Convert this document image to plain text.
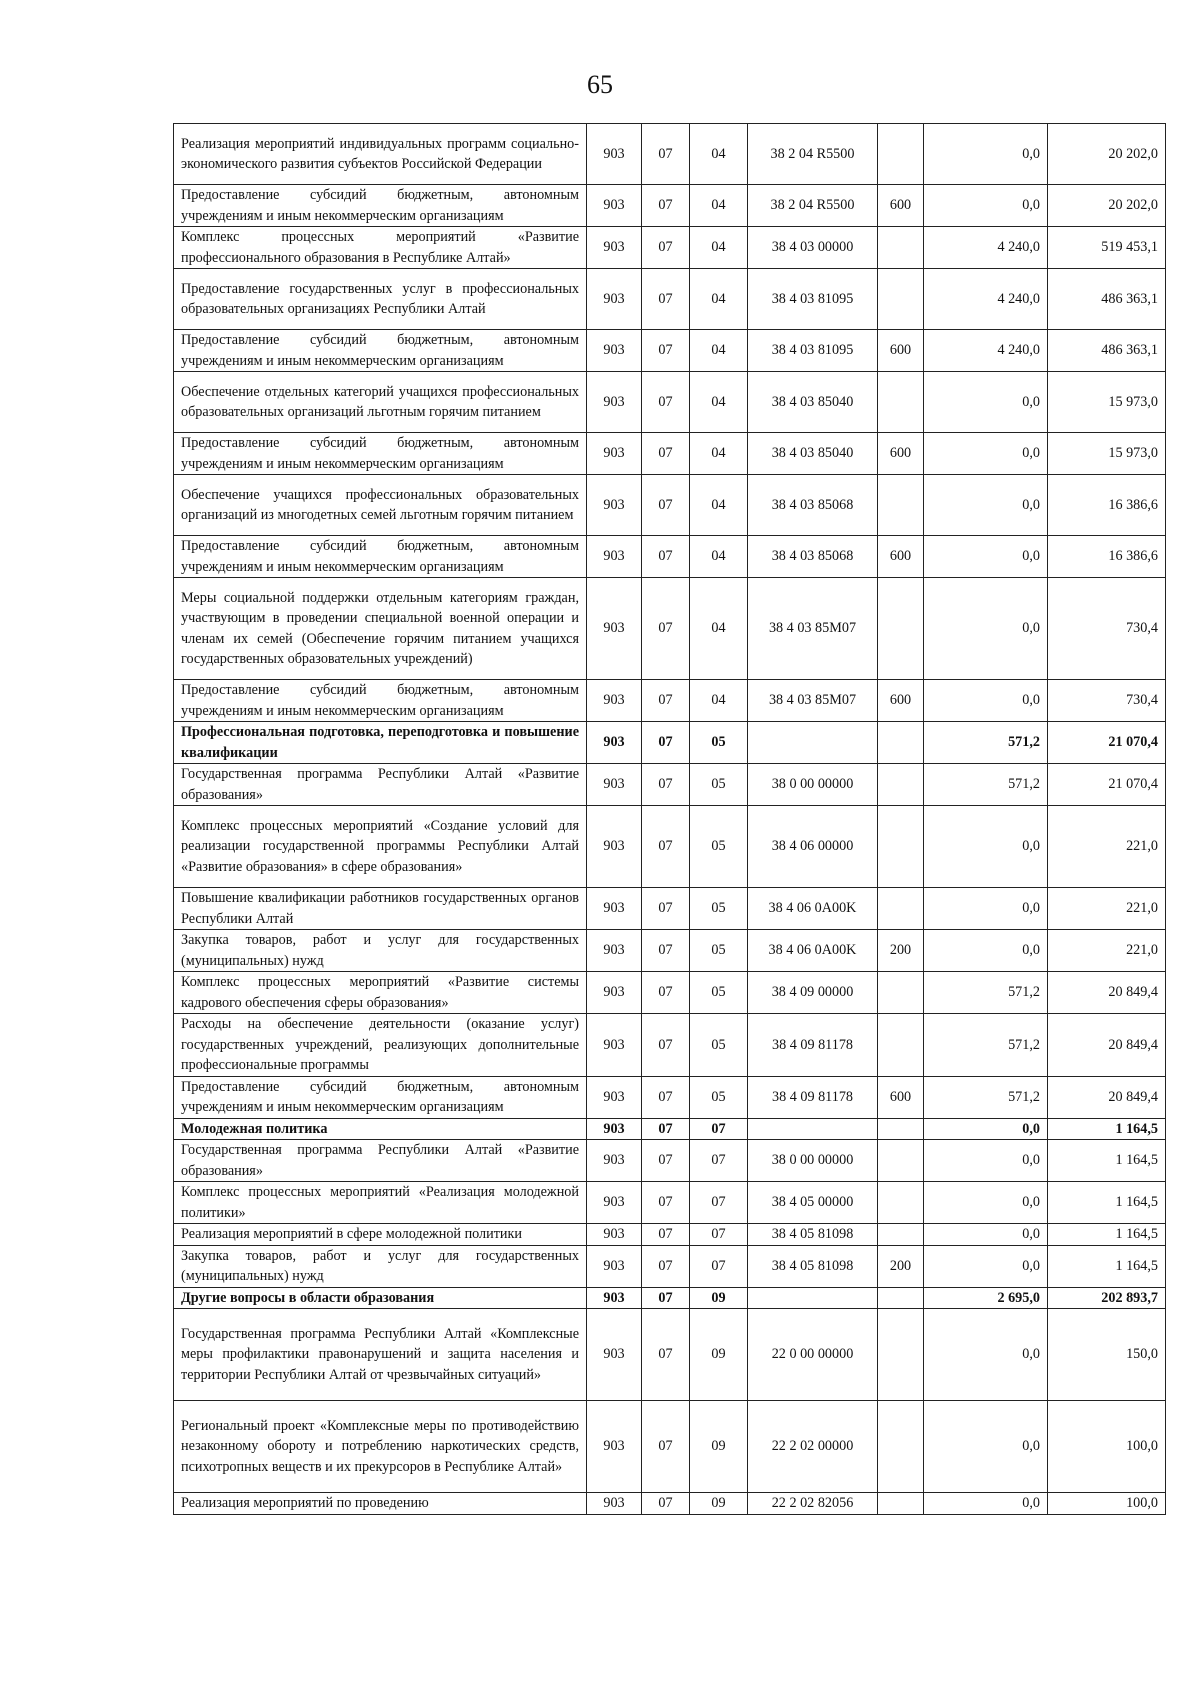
65
Реализация мероприятий индивидуальных программ социально-экономического развития субъектов Российской Федерации	903	07	04	38 2 04 R5500		0,0	20 202,0
Предоставление субсидий бюджетным, автономным учреждениям и иным некоммерческим организациям	903	07	04	38 2 04 R5500	600	0,0	20 202,0
Комплекс процессных мероприятий «Развитие профессионального образования в Республике Алтай»	903	07	04	38 4 03 00000		4 240,0	519 453,1
Предоставление государственных услуг в профессиональных образовательных организациях Республики Алтай	903	07	04	38 4 03 81095		4 240,0	486 363,1
Предоставление субсидий бюджетным, автономным учреждениям и иным некоммерческим организациям	903	07	04	38 4 03 81095	600	4 240,0	486 363,1
Обеспечение отдельных категорий учащихся профессиональных образовательных организаций льготным горячим питанием	903	07	04	38 4 03 85040		0,0	15 973,0
Предоставление субсидий бюджетным, автономным учреждениям и иным некоммерческим организациям	903	07	04	38 4 03 85040	600	0,0	15 973,0
Обеспечение учащихся профессиональных образовательных организаций из многодетных семей льготным горячим питанием	903	07	04	38 4 03 85068		0,0	16 386,6
Предоставление субсидий бюджетным, автономным учреждениям и иным некоммерческим организациям	903	07	04	38 4 03 85068	600	0,0	16 386,6
Меры социальной поддержки отдельным категориям граждан, участвующим в проведении специальной военной операции и членам их семей (Обеспечение горячим питанием учащихся государственных образовательных учреждений)	903	07	04	38 4 03 85M07		0,0	730,4
Предоставление субсидий бюджетным, автономным учреждениям и иным некоммерческим организациям	903	07	04	38 4 03 85M07	600	0,0	730,4
Профессиональная подготовка, переподготовка и повышение квалификации	903	07	05			571,2	21 070,4
Государственная программа Республики Алтай «Развитие образования»	903	07	05	38 0 00 00000		571,2	21 070,4
Комплекс процессных мероприятий «Создание условий для реализации государственной программы Республики Алтай «Развитие образования» в сфере образования»	903	07	05	38 4 06 00000		0,0	221,0
Повышение квалификации работников государственных органов Республики Алтай	903	07	05	38 4 06 0A00K		0,0	221,0
Закупка товаров, работ и услуг для государственных (муниципальных) нужд	903	07	05	38 4 06 0A00K	200	0,0	221,0
Комплекс процессных мероприятий «Развитие системы кадрового обеспечения сферы образования»	903	07	05	38 4 09 00000		571,2	20 849,4
Расходы на обеспечение деятельности (оказание услуг) государственных учреждений, реализующих дополнительные профессиональные программы	903	07	05	38 4 09 81178		571,2	20 849,4
Предоставление субсидий бюджетным, автономным учреждениям и иным некоммерческим организациям	903	07	05	38 4 09 81178	600	571,2	20 849,4
Молодежная политика	903	07	07			0,0	1 164,5
Государственная программа Республики Алтай «Развитие образования»	903	07	07	38 0 00 00000		0,0	1 164,5
Комплекс процессных мероприятий «Реализация молодежной политики»	903	07	07	38 4 05 00000		0,0	1 164,5
Реализация мероприятий в сфере молодежной политики	903	07	07	38 4 05 81098		0,0	1 164,5
Закупка товаров, работ и услуг для государственных (муниципальных) нужд	903	07	07	38 4 05 81098	200	0,0	1 164,5
Другие вопросы в области образования	903	07	09			2 695,0	202 893,7
Государственная программа Республики Алтай «Комплексные меры профилактики правонарушений и защита населения и территории Республики Алтай от чрезвычайных ситуаций»	903	07	09	22 0 00 00000		0,0	150,0
Региональный проект «Комплексные меры по противодействию незаконному обороту и потреблению наркотических средств, психотропных веществ и их прекурсоров в Республике Алтай»	903	07	09	22 2 02 00000		0,0	100,0
Реализация мероприятий по проведению	903	07	09	22 2 02 82056		0,0	100,0
